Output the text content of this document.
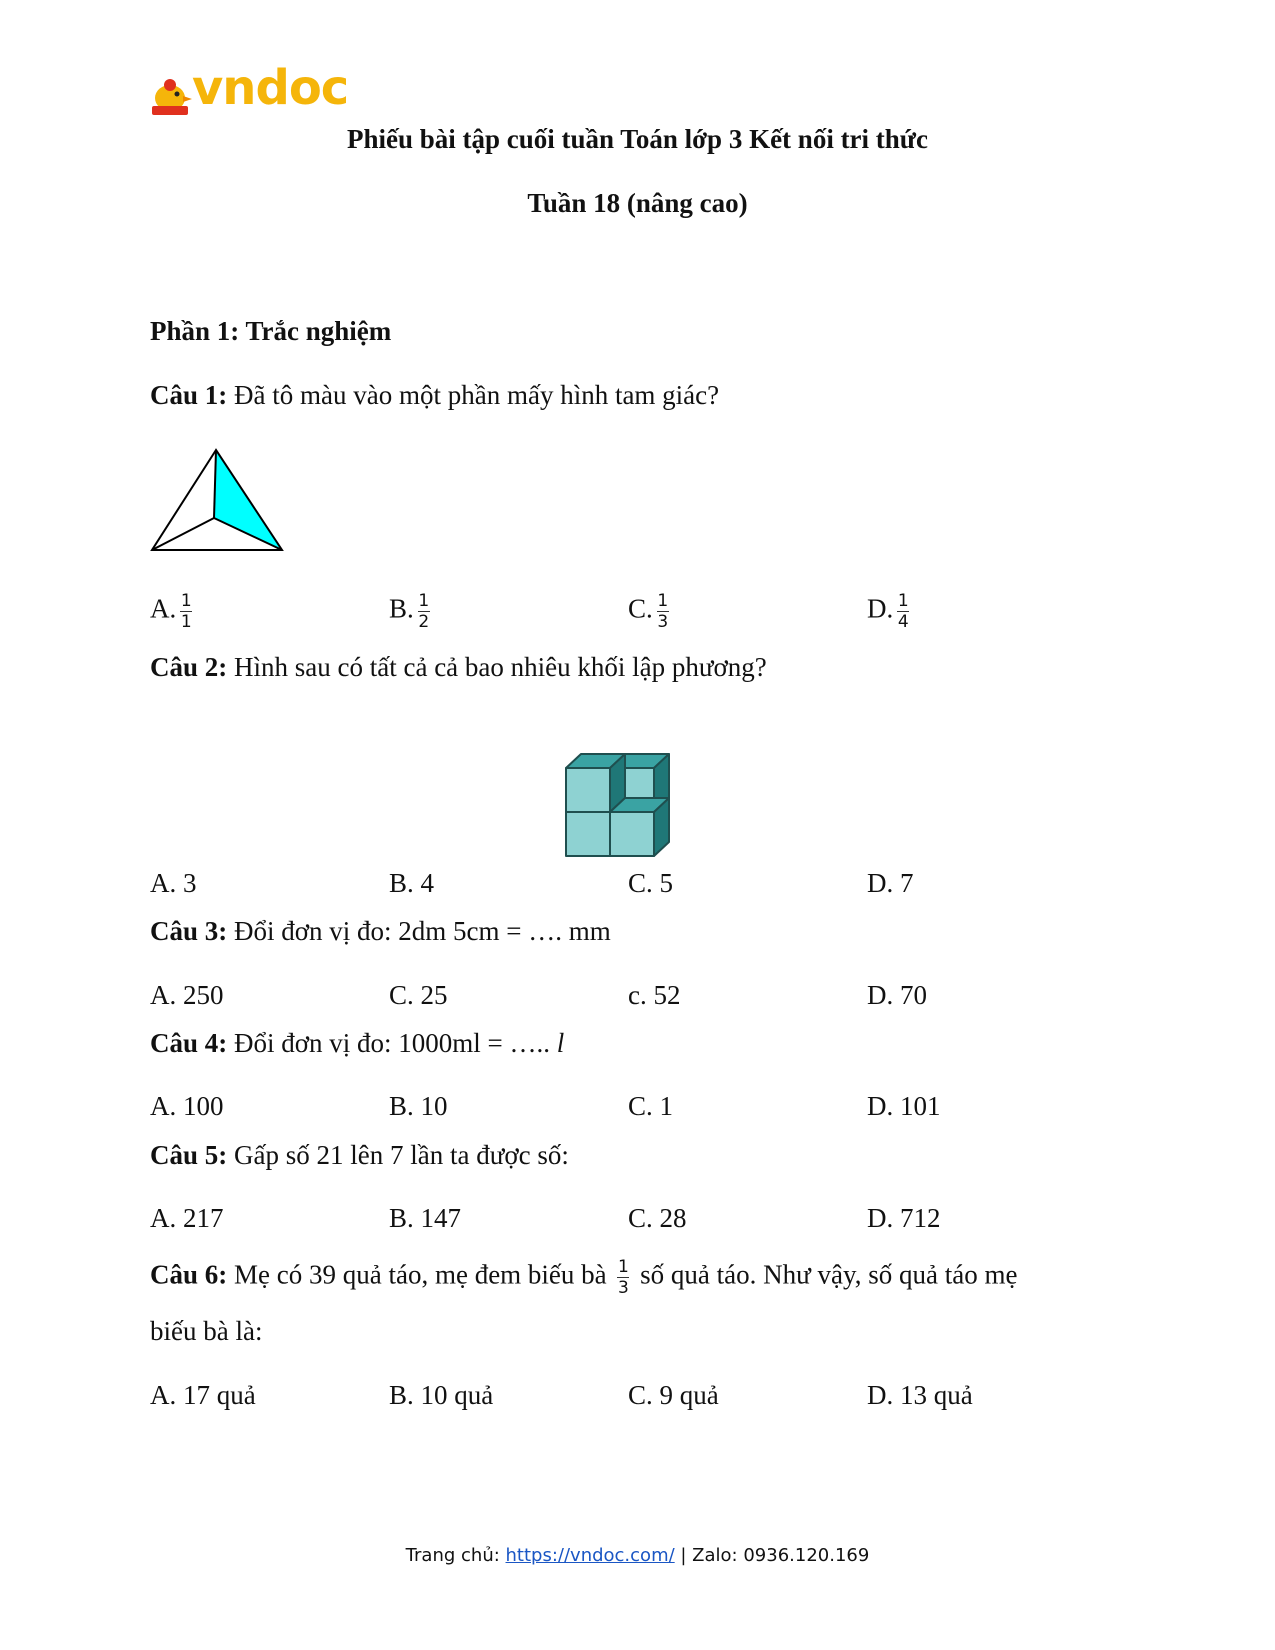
vndoc
Phiếu bài tập cuối tuần Toán lớp 3 Kết nối tri thức
Tuần 18 (nâng cao)
Phần 1: Trắc nghiệm
Câu 1: Đã tô màu vào một phần mấy hình tam giác?
A. $\frac{1}{1}$	B. $\frac{1}{2}$	C. $\frac{1}{3}$	D. $\frac{1}{4}$
Câu 2: Hình sau có tất cả cả bao nhiêu khối lập phương?
A. 3	B. 4	C. 5	D. 7
Câu 3: Đổi đơn vị đo: 2dm 5cm = …. mm
A. 250	C. 25	c. 52	D. 70
Câu 4: Đổi đơn vị đo: 1000ml = ….. l
A. 100	B. 10	C. 1	D. 101
Câu 5: Gấp số 21 lên 7 lần ta được số:
A. 217	B. 147	C. 28	D. 712
Câu 6: Mẹ có 39 quả táo, mẹ đem biếu bà $\frac{1}{3}$ số quả táo. Như vậy, số quả táo mẹ
biếu bà là:
A. 17 quả	B. 10 quả	C. 9 quả	D. 13 quả
Trang chủ: https://vndoc.com/ | Zalo: 0936.120.169
